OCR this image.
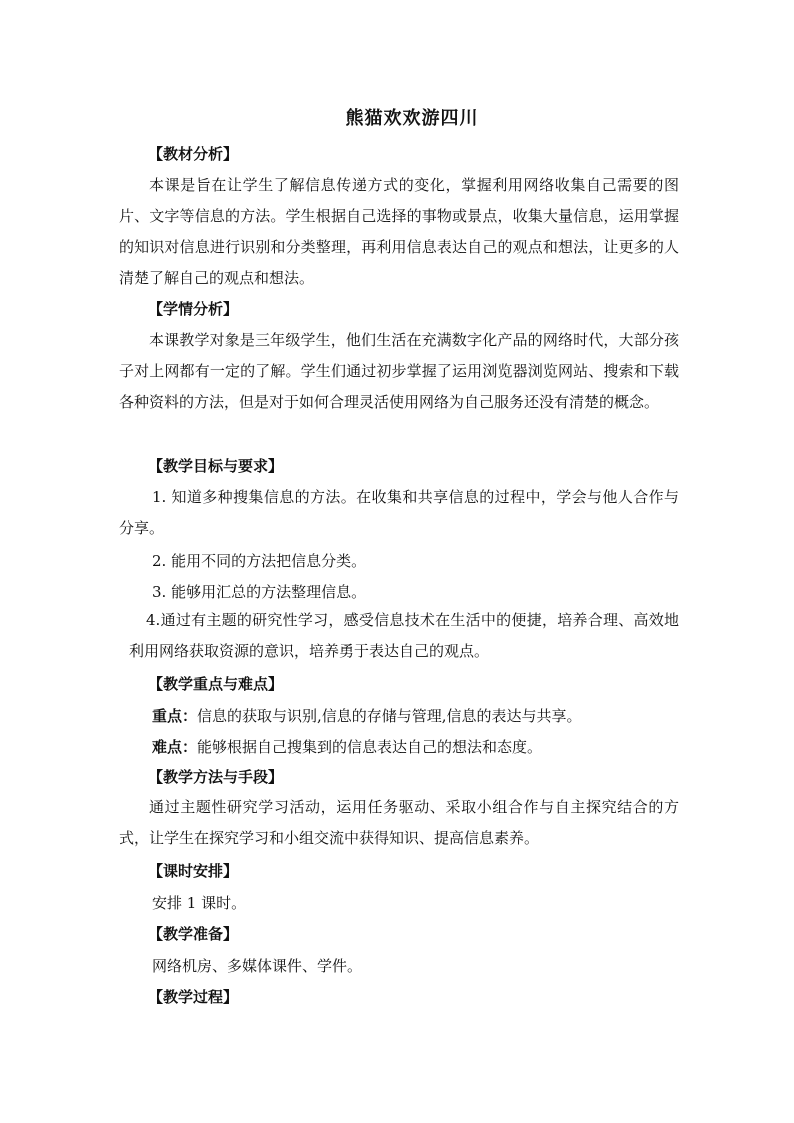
熊猫欢欢游四川
【教材分析】
本课是旨在让学生了解信息传递方式的变化，掌握利用网络收集自己需要的图片、文字等信息的方法。学生根据自己选择的事物或景点，收集大量信息，运用掌握的知识对信息进行识别和分类整理，再利用信息表达自己的观点和想法，让更多的人清楚了解自己的观点和想法。
【学情分析】
本课教学对象是三年级学生，他们生活在充满数字化产品的网络时代，大部分孩子对上网都有一定的了解。学生们通过初步掌握了运用浏览器浏览网站、搜索和下载各种资料的方法，但是对于如何合理灵活使用网络为自己服务还没有清楚的概念。
【教学目标与要求】
1. 知道多种搜集信息的方法。在收集和共享信息的过程中，学会与他人合作与分享。
2. 能用不同的方法把信息分类。
3. 能够用汇总的方法整理信息。
4.通过有主题的研究性学习，感受信息技术在生活中的便捷，培养合理、高效地利用网络获取资源的意识，培养勇于表达自己的观点。
【教学重点与难点】
重点：信息的获取与识别,信息的存储与管理,信息的表达与共享。
难点：能够根据自己搜集到的信息表达自己的想法和态度。
【教学方法与手段】
通过主题性研究学习活动，运用任务驱动、采取小组合作与自主探究结合的方式，让学生在探究学习和小组交流中获得知识、提高信息素养。
【课时安排】
安排 1 课时。
【教学准备】
网络机房、多媒体课件、学件。
【教学过程】
